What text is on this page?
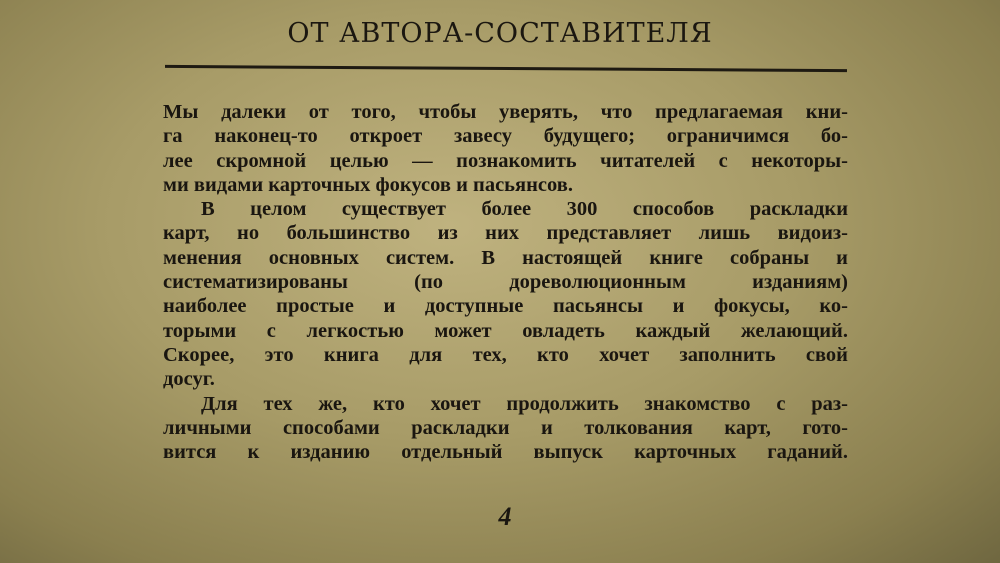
ОТ АВТОРА-СОСТАВИТЕЛЯ
Мы далеки от того, чтобы уверять, что предлагаемая кни-
га наконец-то откроет завесу будущего; ограничимся бо-
лее скромной целью — познакомить читателей с некоторы-
ми видами карточных фокусов и пасьянсов.
В целом существует более 300 способов раскладки
карт, но большинство из них представляет лишь видоиз-
менения основных систем. В настоящей книге собраны и
систематизированы (по дореволюционным изданиям)
наиболее простые и доступные пасьянсы и фокусы, ко-
торыми с легкостью может овладеть каждый желающий.
Скорее, это книга для тех, кто хочет заполнить свой
досуг.
Для тех же, кто хочет продолжить знакомство с раз-
личными способами раскладки и толкования карт, гото-
вится к изданию отдельный выпуск карточных гаданий.
4
